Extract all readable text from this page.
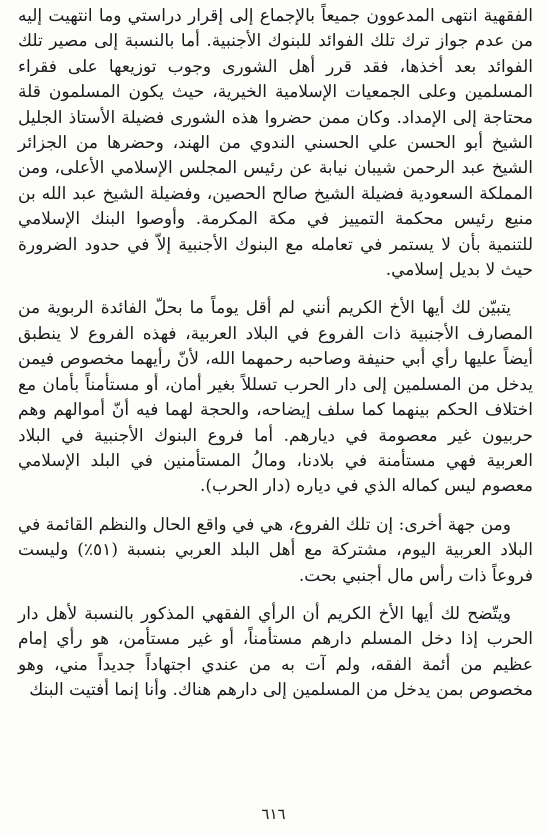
الفقهية انتهى المدعوون جميعاً بالإجماع إلى إقرار دراستي وما انتهيت إليه من عدم جواز ترك تلك الفوائد للبنوك الأجنبية. أما بالنسبة إلى مصير تلك الفوائد بعد أخذها، فقد قرر أهل الشورى وجوب توزيعها على فقراء المسلمين وعلى الجمعيات الإسلامية الخيرية، حيث يكون المسلمون قلة محتاجة إلى الإمداد. وكان ممن حضروا هذه الشورى فضيلة الأستاذ الجليل الشيخ أبو الحسن علي الحسني الندوي من الهند، وحضرها من الجزائر الشيخ عبد الرحمن شيبان نيابة عن رئيس المجلس الإسلامي الأعلى، ومن المملكة السعودية فضيلة الشيخ صالح الحصين، وفضيلة الشيخ عبد الله بن منيع رئيس محكمة التمييز في مكة المكرمة. وأوصوا البنك الإسلامي للتنمية بأن لا يستمر في تعامله مع البنوك الأجنبية إلاّ في حدود الضرورة حيث لا بديل إسلامي.

يتبيّن لك أيها الأخ الكريم أنني لم أقل يوماً ما بحلّ الفائدة الربوية من المصارف الأجنبية ذات الفروع في البلاد العربية، فهذه الفروع لا ينطبق أيضاً عليها رأي أبي حنيفة وصاحبه رحمهما الله، لأنّ رأيهما مخصوص فيمن يدخل من المسلمين إلى دار الحرب تسللاً بغير أمان، أو مستأمناً بأمان مع اختلاف الحكم بينهما كما سلف إيضاحه، والحجة لهما فيه أنّ أموالهم وهم حربيون غير معصومة في ديارهم. أما فروع البنوك الأجنبية في البلاد العربية فهي مستأمنة في بلادنا، ومالُ المستأمنين في البلد الإسلامي معصوم ليس كماله الذي في دياره (دار الحرب).

ومن جهة أخرى: إن تلك الفروع، هي في واقع الحال والنظم القائمة في البلاد العربية اليوم، مشتركة مع أهل البلد العربي بنسبة (٥١٪) وليست فروعاً ذات رأس مال أجنبي بحت.

ويتّضح لك أيها الأخ الكريم أن الرأي الفقهي المذكور بالنسبة لأهل دار الحرب إذا دخل المسلم دارهم مستأمناً، أو غير مستأمن، هو رأي إمام عظيم من أئمة الفقه، ولم آت به من عندي اجتهاداً جديداً مني، وهو مخصوص بمن يدخل من المسلمين إلى دارهم هناك. وأنا إنما أفتيت البنك

٦١٦
